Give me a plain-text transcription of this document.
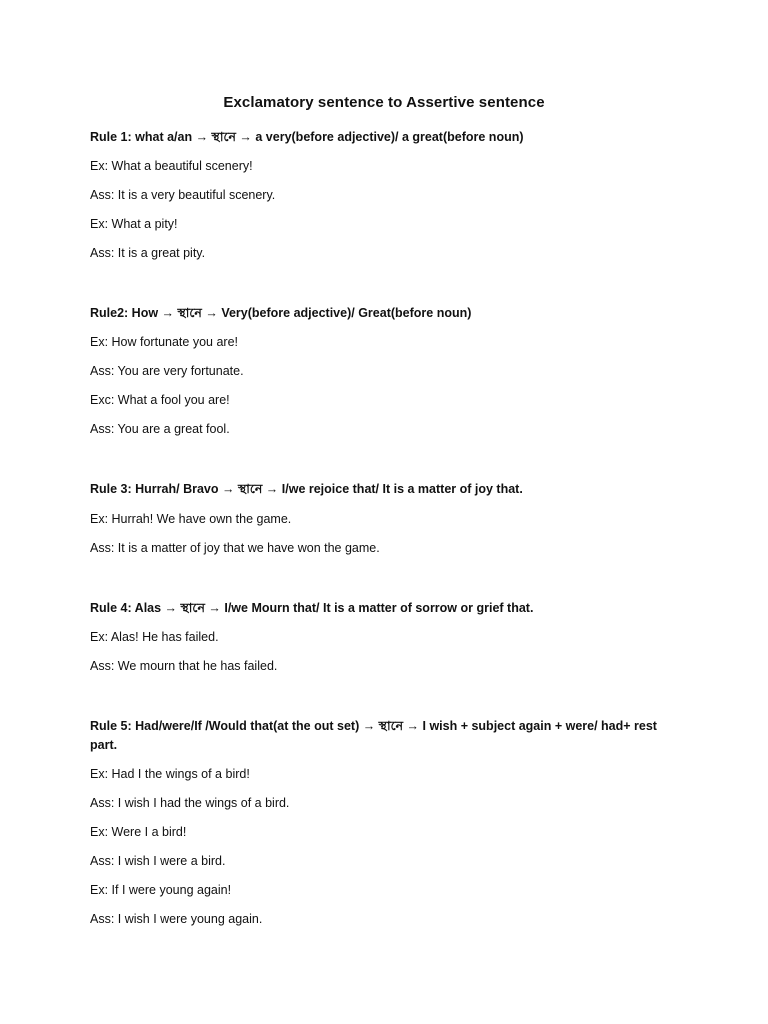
Exclamatory sentence to Assertive sentence
Rule 1: what a/an → স্থানে → a very(before adjective)/ a great(before noun)
Ex: What a beautiful scenery!
Ass: It is a very beautiful scenery.
Ex: What a pity!
Ass: It is a great pity.
Rule2: How → স্থানে → Very(before adjective)/ Great(before noun)
Ex: How fortunate you are!
Ass: You are very fortunate.
Exc: What a fool you are!
Ass: You are a great fool.
Rule 3: Hurrah/ Bravo → স্থানে → I/we rejoice that/ It is a matter of joy that.
Ex: Hurrah! We have own the game.
Ass: It is a matter of joy that we have won the game.
Rule 4: Alas → স্থানে → I/we Mourn that/ It is a matter of sorrow or grief that.
Ex: Alas! He has failed.
Ass: We mourn that he has failed.
Rule 5: Had/were/If /Would that(at the out set) → স্থানে → I wish + subject again + were/ had+ rest part.
Ex: Had I the wings of a bird!
Ass: I wish I had the wings of a bird.
Ex: Were I a bird!
Ass: I wish I were a bird.
Ex: If I were young again!
Ass: I wish I were young again.
